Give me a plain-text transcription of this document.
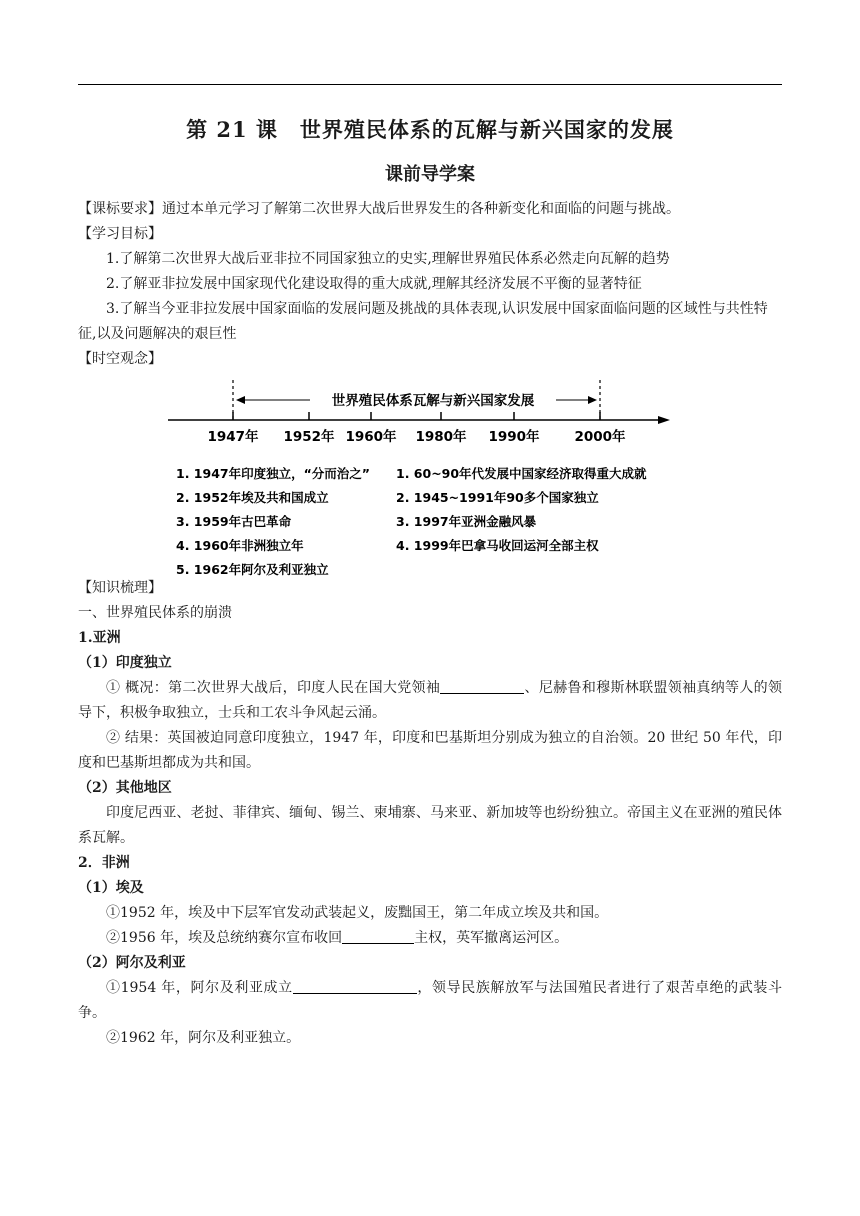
第 21 课　世界殖民体系的瓦解与新兴国家的发展
课前导学案

【课标要求】通过本单元学习了解第二次世界大战后世界发生的各种新变化和面临的问题与挑战。

【学习目标】

1.了解第二次世界大战后亚非拉不同国家独立的史实,理解世界殖民体系必然走向瓦解的趋势

2.了解亚非拉发展中国家现代化建设取得的重大成就,理解其经济发展不平衡的显著特征

3.了解当今亚非拉发展中国家面临的发展问题及挑战的具体表现,认识发展中国家面临问题的区域性与共性特征,以及问题解决的艰巨性

【时空观念】

世界殖民体系瓦解与新兴国家发展
1947年 1952年 1960年 1980年 1990年	2000年
1. 1947年印度独立，“分而治之”
2. 1952年埃及共和国成立
3. 1959年古巴革命
4. 1960年非洲独立年
5. 1962年阿尔及利亚独立
1. 60~90年代发展中国家经济取得重大成就
2. 1945~1991年90多个国家独立
3. 1997年亚洲金融风暴
4. 1999年巴拿马收回运河全部主权

【知识梳理】

一、世界殖民体系的崩溃

1.亚洲

（1）印度独立

① 概况：第二次世界大战后，印度人民在国大党领袖	、尼赫鲁和穆斯林联盟领袖真纳等人的领导下，积极争取独立，士兵和工农斗争风起云涌。

② 结果：英国被迫同意印度独立，1947 年，印度和巴基斯坦分别成为独立的自治领。20 世纪 50 年代，印度和巴基斯坦都成为共和国。

（2）其他地区

印度尼西亚、老挝、菲律宾、缅甸、锡兰、柬埔寨、马来亚、新加坡等也纷纷独立。帝国主义在亚洲的殖民体系瓦解。

2．非洲

（1）埃及

①1952 年，埃及中下层军官发动武装起义，废黜国王，第二年成立埃及共和国。

②1956 年，埃及总统纳赛尔宣布收回	主权，英军撤离运河区。

（2）阿尔及利亚

①1954 年，阿尔及利亚成立	，领导民族解放军与法国殖民者进行了艰苦卓绝的武装斗争。

②1962 年，阿尔及利亚独立。
